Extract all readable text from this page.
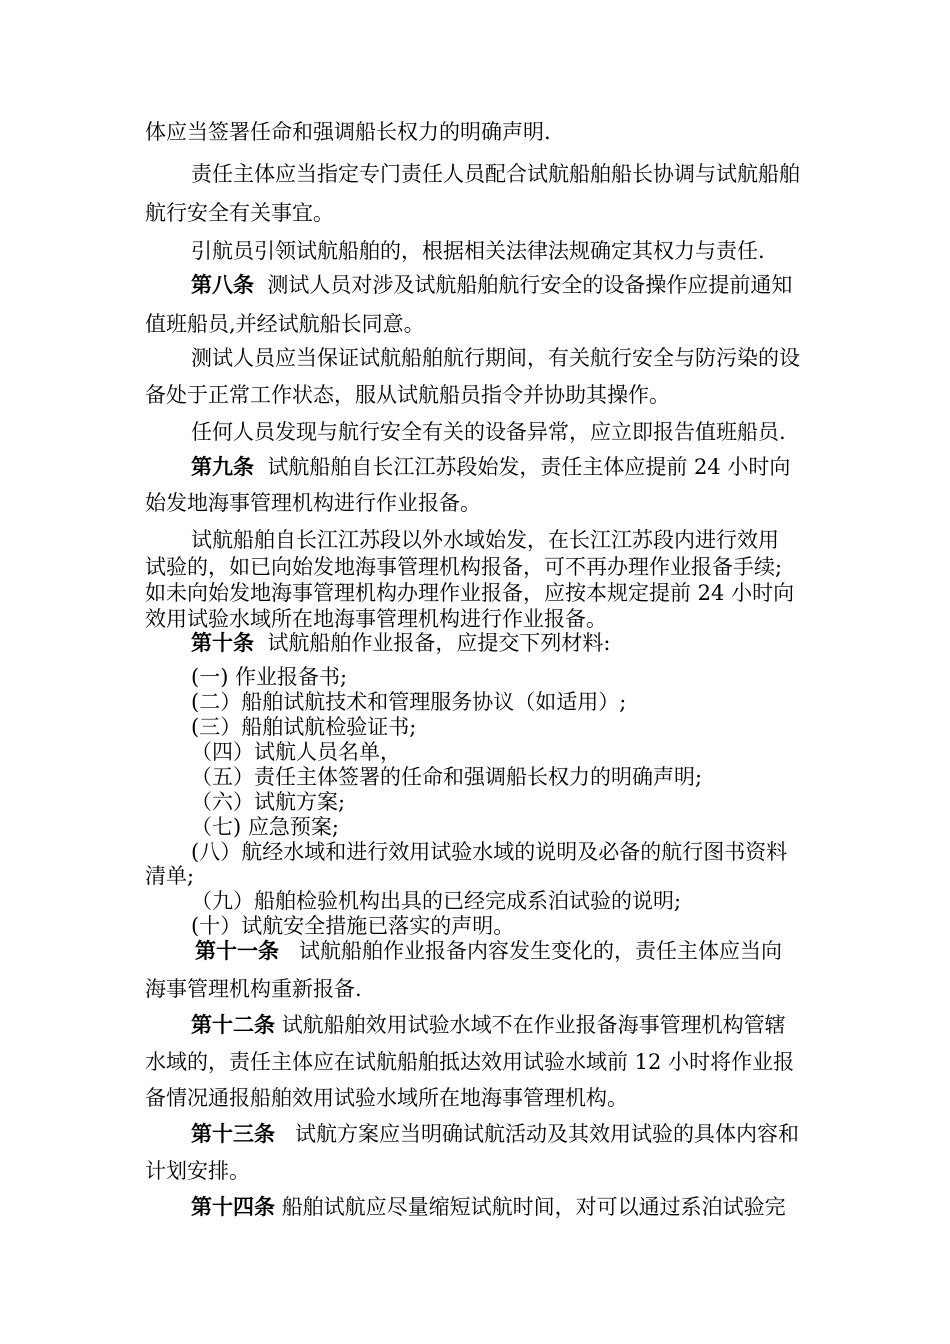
体应当签署任命和强调船长权力的明确声明.
责任主体应当指定专门责任人员配合试航船舶船长协调与试航船舶
航行安全有关事宜。
引航员引领试航船舶的，根据相关法律法规确定其权力与责任.
第八条 测试人员对涉及试航船舶航行安全的设备操作应提前通知
值班船员,并经试航船长同意。
测试人员应当保证试航船舶航行期间，有关航行安全与防污染的设
备处于正常工作状态，服从试航船员指令并协助其操作。
任何人员发现与航行安全有关的设备异常，应立即报告值班船员.
第九条 试航船舶自长江江苏段始发，责任主体应提前 24 小时向
始发地海事管理机构进行作业报备。
试航船舶自长江江苏段以外水域始发，在长江江苏段内进行效用
试验的，如已向始发地海事管理机构报备，可不再办理作业报备手续;
如未向始发地海事管理机构办理作业报备，应按本规定提前 24 小时向
效用试验水域所在地海事管理机构进行作业报备。
第十条 试航船舶作业报备，应提交下列材料:
(一) 作业报备书;
(二）船舶试航技术和管理服务协议（如适用）;
(三）船舶试航检验证书;
（四）试航人员名单，
（五）责任主体签署的任命和强调船长权力的明确声明;
（六）试航方案;
（七) 应急预案;
(八）航经水域和进行效用试验水域的说明及必备的航行图书资料
清单;
（九）船舶检验机构出具的已经完成系泊试验的说明;
(十）试航安全措施已落实的声明。
第十一条 试航船舶作业报备内容发生变化的，责任主体应当向
海事管理机构重新报备.
第十二条 试航船舶效用试验水域不在作业报备海事管理机构管辖
水域的，责任主体应在试航船舶抵达效用试验水域前 12 小时将作业报
备情况通报船舶效用试验水域所在地海事管理机构。
第十三条 试航方案应当明确试航活动及其效用试验的具体内容和
计划安排。
第十四条 船舶试航应尽量缩短试航时间，对可以通过系泊试验完
